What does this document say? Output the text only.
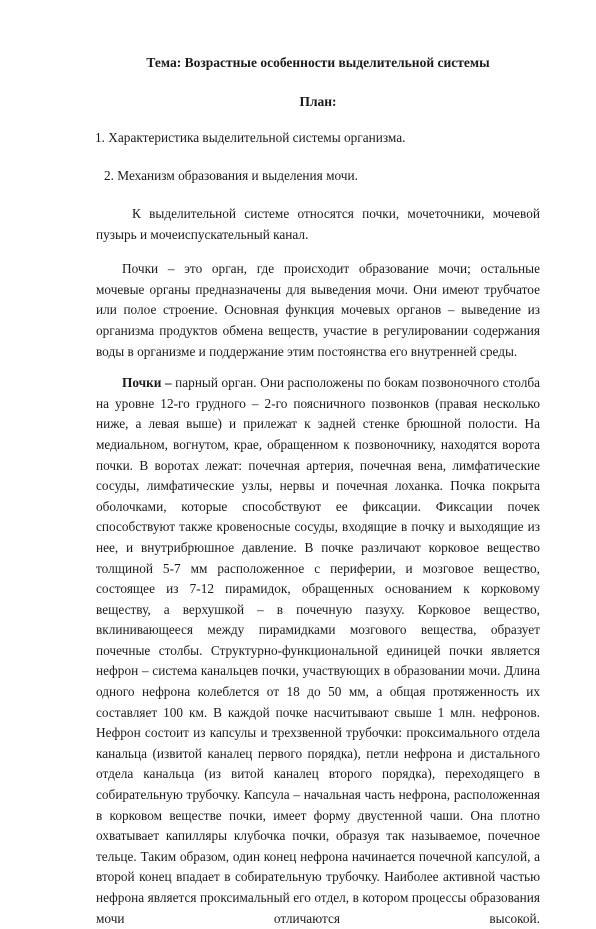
Тема: Возрастные особенности выделительной системы

План:

1. Характеристика выделительной системы организма.

2. Механизм образования и выделения мочи.

К выделительной системе относятся почки, мочеточники, мочевой пузырь и мочеиспускательный канал.

Почки – это орган, где происходит образование мочи; остальные мочевые органы предназначены для выведения мочи. Они имеют трубчатое или полое строение. Основная функция мочевых органов – выведение из организма продуктов обмена веществ, участие в регулировании содержания воды в организме и поддержание этим постоянства его внутренней среды.

Почки – парный орган. Они расположены по бокам позвоночного столба на уровне 12-го грудного – 2-го поясничного позвонков (правая несколько ниже, а левая выше) и прилежат к задней стенке брюшной полости. На медиальном, вогнутом, крае, обращенном к позвоночнику, находятся ворота почки. В воротах лежат: почечная артерия, почечная вена, лимфатические сосуды, лимфатические узлы, нервы и почечная лоханка. Почка покрыта оболочками, которые способствуют ее фиксации. Фиксации почек способствуют также кровеносные сосуды, входящие в почку и выходящие из нее, и внутрибрюшное давление. В почке различают корковое вещество толщиной 5-7 мм расположенное с периферии, и мозговое вещество, состоящее из 7-12 пирамидок, обращенных основанием к корковому веществу, а верхушкой – в почечную пазуху. Корковое вещество, вклинивающееся между пирамидками мозгового вещества, образует почечные столбы. Структурно-функциональной единицей почки является нефрон – система канальцев почки, участвующих в образовании мочи. Длина одного нефрона колеблется от 18 до 50 мм, а общая протяженность их составляет 100 км. В каждой почке насчитывают свыше 1 млн. нефронов. Нефрон состоит из капсулы и трехзвенной трубочки: проксимального отдела канальца (извитой каналец первого порядка), петли нефрона и дистального отдела канальца (из витой каналец второго порядка), переходящего в собирательную трубочку. Капсула – начальная часть нефрона, расположенная в корковом веществе почки, имеет форму двустенной чаши. Она плотно охватывает капилляры клубочка почки, образуя так называемое, почечное тельце. Таким образом, один конец нефрона начинается почечной капсулой, а второй конец впадает в собирательную трубочку. Наиболее активной частью нефрона является проксимальный его отдел, в котором процессы образования мочи отличаются высокой.
